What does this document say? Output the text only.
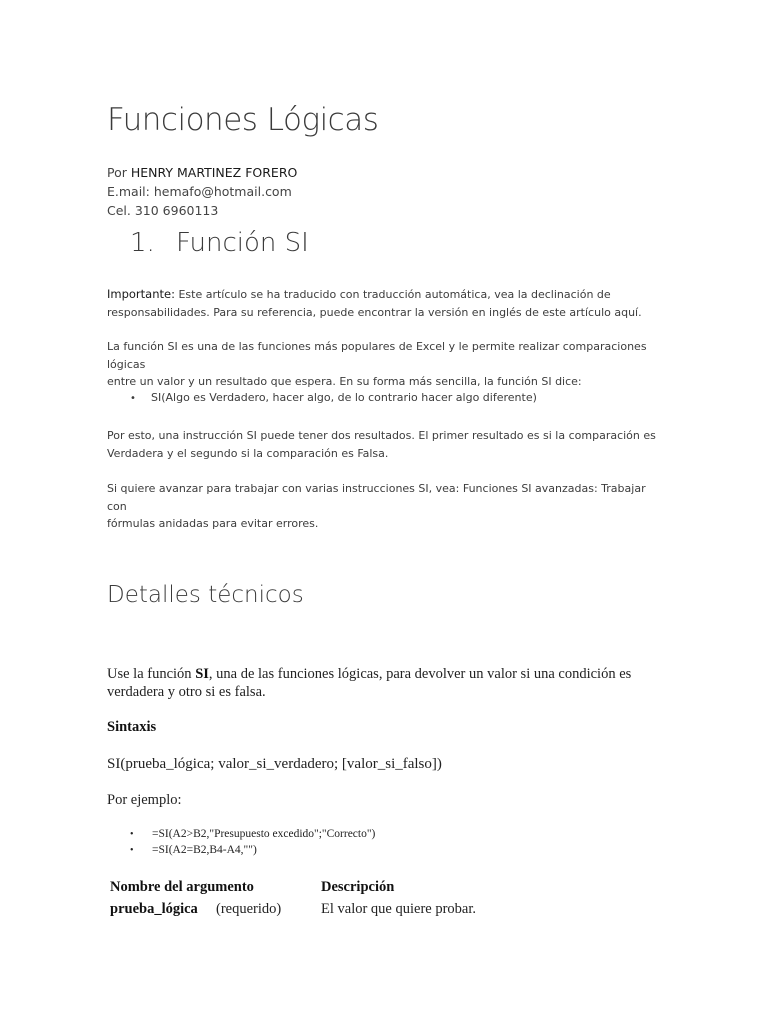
Funciones Lógicas
Por HENRY MARTINEZ FORERO
E.mail: hemafo@hotmail.com
Cel. 310 6960113
1. Función SI
Importante: Este artículo se ha traducido con traducción automática, vea la declinación de
responsabilidades. Para su referencia, puede encontrar la versión en inglés de este artículo aquí.
La función SI es una de las funciones más populares de Excel y le permite realizar comparaciones lógicas
entre un valor y un resultado que espera. En su forma más sencilla, la función SI dice:
• SI(Algo es Verdadero, hacer algo, de lo contrario hacer algo diferente)
Por esto, una instrucción SI puede tener dos resultados. El primer resultado es si la comparación es
Verdadera y el segundo si la comparación es Falsa.
Si quiere avanzar para trabajar con varias instrucciones SI, vea: Funciones SI avanzadas: Trabajar con
fórmulas anidadas para evitar errores.
Detalles técnicos
Use la función SI, una de las funciones lógicas, para devolver un valor si una condición es
verdadera y otro si es falsa.
Sintaxis
SI(prueba_lógica; valor_si_verdadero; [valor_si_falso])
Por ejemplo:
• =SI(A2>B2,"Presupuesto excedido";"Correcto")
• =SI(A2=B2,B4-A4,"")
Nombre del argumento	Descripción
prueba_lógica (requerido)	El valor que quiere probar.
